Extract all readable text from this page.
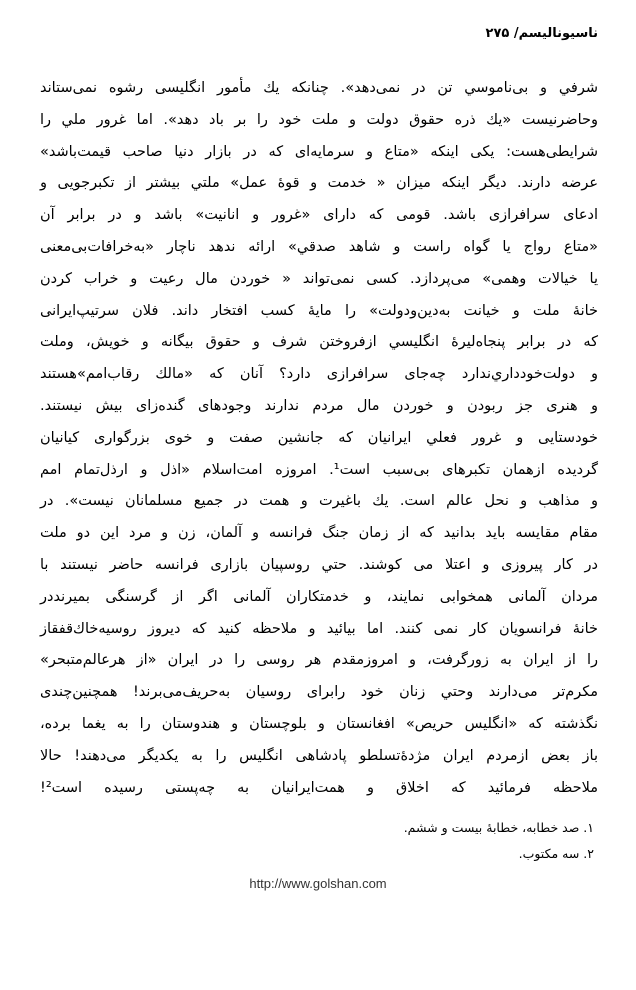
ناسیونالیسم/ ۲۷۵
شرفي و بی‌ناموسي تن در نمی‌دهد». چنانکه یك مأمور انگلیسی رشوه نمی‌ستاند
وحاضرنیست «یك ذره حقوق دولت و ملت خود را بر باد دهد». اما غرور ملي را
شرایطی‌هست: یکی اینکه «متاع و سرمایه‌ای که در بازار دنیا صاحب قیمت‌باشد»
عرضه دارند. دیگر اینکه میزان « خدمت و قوهٔ عمل» ملتي بیشتر از تکبرجویی و
ادعای سرافرازی باشد. قومی که دارای «غرور و انانیت» باشد و در برابر آن
«متاع رواج یا گواه راست و شاهد صدقي» ارائه ندهد ناچار «به‌خرافات‌بی‌معنی
یا خیالات وهمی» می‌پردازد. کسی نمی‌تواند « خوردن مال رعیت و خراب کردن
خانهٔ ملت و خیانت به‌دین‌ودولت» را مایهٔ کسب افتخار داند. فلان سرتیپ‌ایرانی
که در برابر پنجاه‌لیرهٔ انگلیسي ازفروختن شرف و حقوق بیگانه و خویش، وملت
و دولت‌خودداري‌ندارد چه‌جای سرافرازی دارد؟ آنان که «مالك رقاب‌امم»هستند
و هنری جز ربودن و خوردن مال مردم ندارند وجودهای گنده‌زای بیش نیستند.
خودستایی و غرور فعلي ایرانیان که جانشین صفت و خوی بزرگواری کیانیان
گردیده ازهمان تکبرهای بی‌سبب است¹. امروزه امت‌اسلام «اذل و ارذل‌تمام امم
و مذاهب و نحل عالم است. یك باغیرت و همت در جمیع مسلمانان نیست». در
مقام مقایسه باید بدانید که از زمان جنگ فرانسه و آلمان، زن و مرد این دو ملت
در کار پیروزی و اعتلا می کوشند. حتي روسپیان بازاری فرانسه حاضر نیستند با
مردان آلمانی همخوابی نمایند، و خدمتکاران آلمانی اگر از گرسنگی بمیرنددر
خانهٔ فرانسویان کار نمی کنند. اما بیائید و ملاحظه کنید که دیروز روسیه‌خاك‌قفقاز
را از ایران به زورگرفت، و امروزمقدم هر روسی را در ایران «از هرعالم‌متبحر»
مکرم‌تر می‌دارند وحتي زنان خود رابرای روسیان به‌حریف‌می‌برند! همچنین‌چندی
نگذشته که «انگلیس حریص» افغانستان و بلوچستان و هندوستان را به یغما برده،
باز بعض ازمردم ایران مژدهٔ‌تسلطو پادشاهی انگلیس را به یکدیگر می‌دهند! حالا
ملاحظه فرمائید که اخلاق و همت‌ایرانیان به چه‌پستی رسیده است²!
۱. صد خطابه، خطابهٔ بیست و ششم.
۲. سه مکتوب.
http://www.golshan.com
